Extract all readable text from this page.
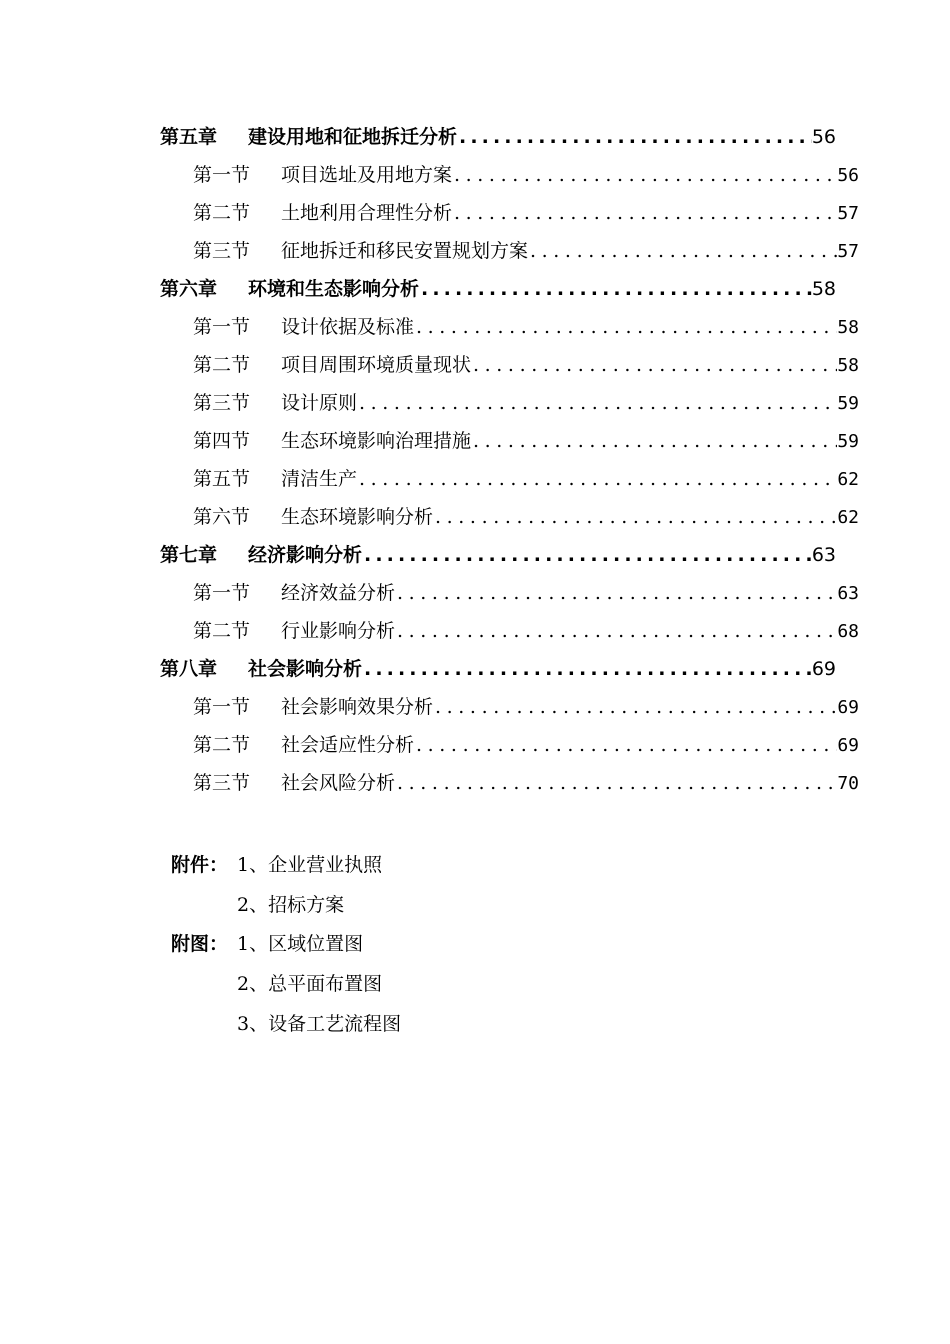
第五章	建设用地和征地拆迁分析 .....	56
第一节	项目选址及用地方案 .....	56
第二节	土地利用合理性分析 .....	57
第三节	征地拆迁和移民安置规划方案 .....	57
第六章	环境和生态影响分析 .....	58
第一节	设计依据及标准 .....	58
第二节	项目周围环境质量现状 .....	58
第三节	设计原则 .....	59
第四节	生态环境影响治理措施 .....	59
第五节	清洁生产 .....	62
第六节	生态环境影响分析 .....	62
第七章	经济影响分析 .....	63
第一节	经济效益分析 .....	63
第二节	行业影响分析 .....	68
第八章	社会影响分析 .....	69
第一节	社会影响效果分析 .....	69
第二节	社会适应性分析 .....	69
第三节	社会风险分析 .....	70
附件： 1、企业营业执照
2、招标方案
附图： 1、区域位置图
2、总平面布置图
3、设备工艺流程图
